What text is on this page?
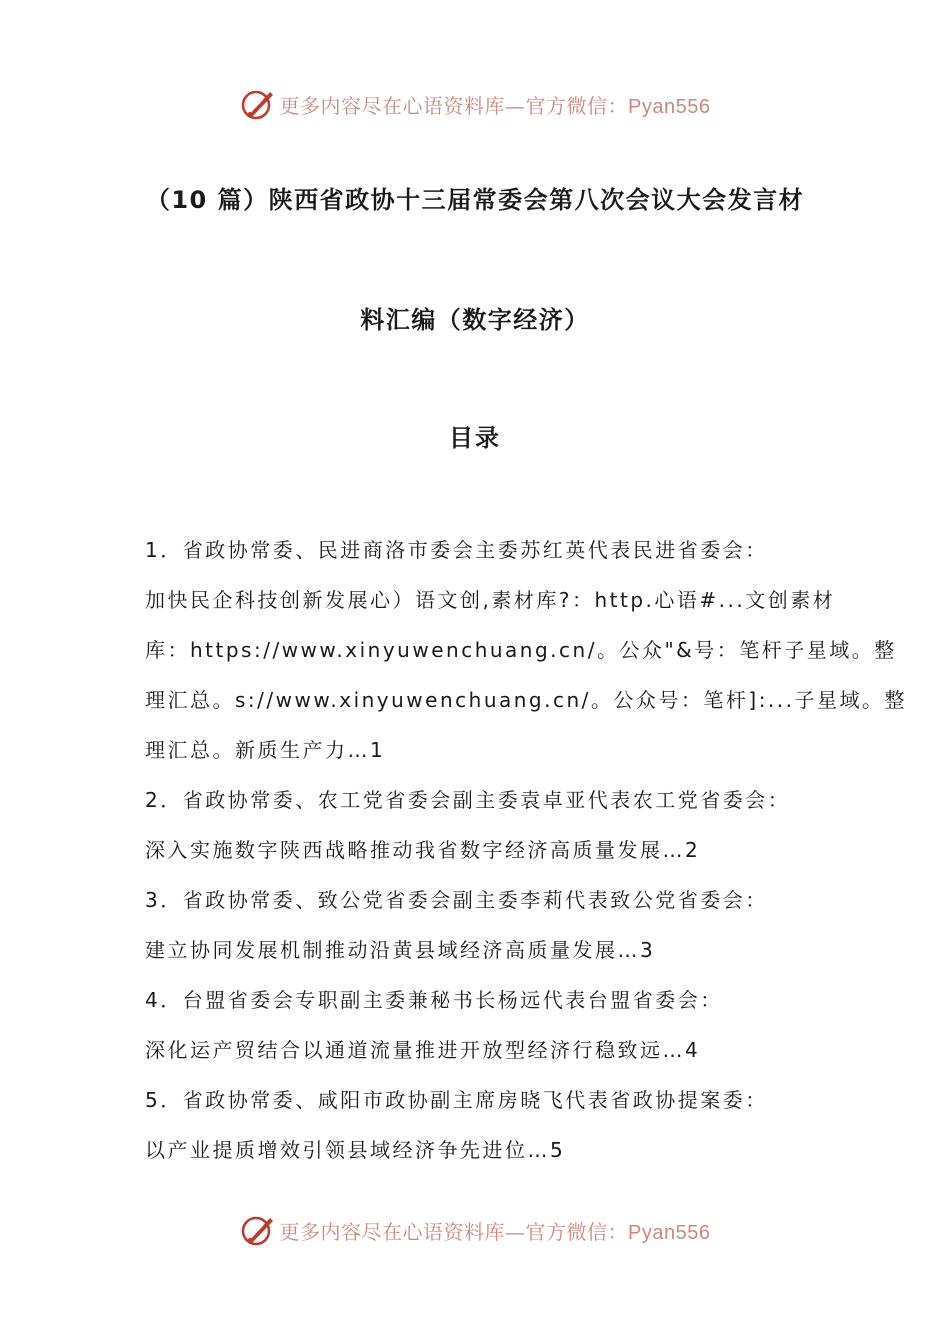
更多内容尽在心语资料库—官方微信：Pyan556
（10 篇）陕西省政协十三届常委会第八次会议大会发言材
料汇编（数字经济）
目录
1．省政协常委、民进商洛市委会主委苏红英代表民进省委会：
加快民企科技创新发展心）语文创,素材库?：http.心语#...文创素材
库：https://www.xinyuwenchuang.cn/。公众"&号：笔杆子星域。整
理汇总。s://www.xinyuwenchuang.cn/。公众号：笔杆]:...子星域。整
理汇总。新质生产力…1
2．省政协常委、农工党省委会副主委袁卓亚代表农工党省委会：
深入实施数字陕西战略推动我省数字经济高质量发展…2
3．省政协常委、致公党省委会副主委李莉代表致公党省委会：
建立协同发展机制推动沿黄县域经济高质量发展…3
4．台盟省委会专职副主委兼秘书长杨远代表台盟省委会：
深化运产贸结合以通道流量推进开放型经济行稳致远…4
5．省政协常委、咸阳市政协副主席房晓飞代表省政协提案委：
以产业提质增效引领县域经济争先进位…5
更多内容尽在心语资料库—官方微信：Pyan556
